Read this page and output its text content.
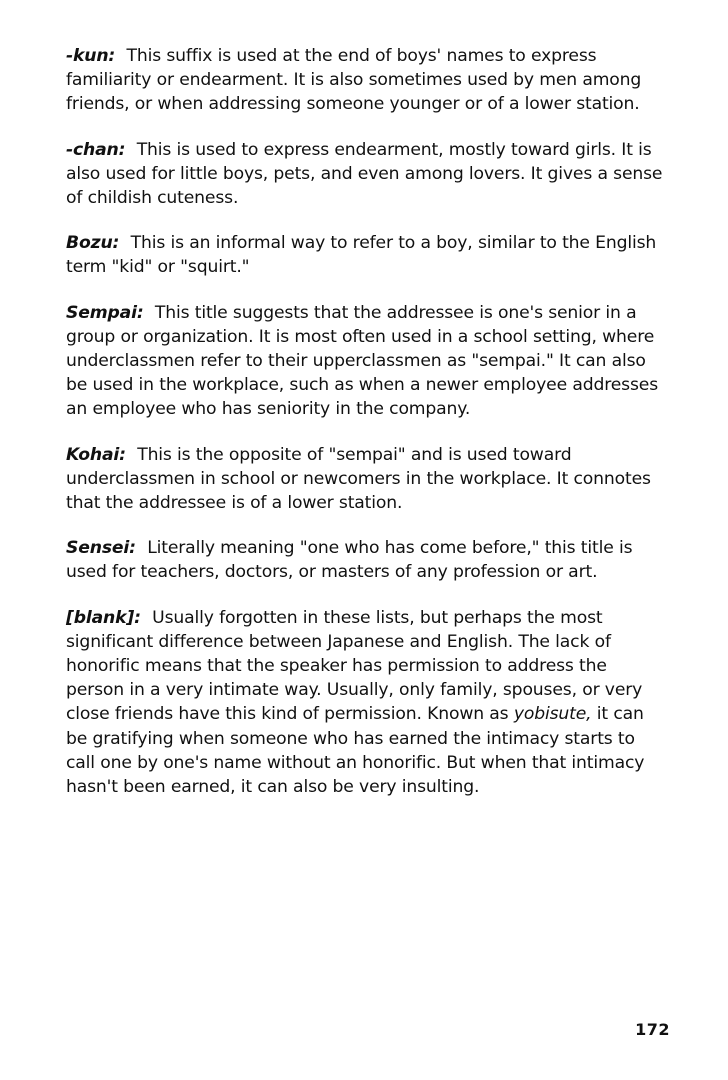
-kun: This suffix is used at the end of boys' names to express familiarity or endearment. It is also sometimes used by men among friends, or when addressing someone younger or of a lower station.

-chan: This is used to express endearment, mostly toward girls. It is also used for little boys, pets, and even among lovers. It gives a sense of childish cuteness.

Bozu: This is an informal way to refer to a boy, similar to the English term "kid" or "squirt."

Sempai: This title suggests that the addressee is one's senior in a group or organization. It is most often used in a school setting, where underclassmen refer to their upperclassmen as "sempai." It can also be used in the workplace, such as when a newer employee addresses an employee who has seniority in the company.

Kohai: This is the opposite of "sempai" and is used toward underclassmen in school or newcomers in the workplace. It connotes that the addressee is of a lower station.

Sensei: Literally meaning "one who has come before," this title is used for teachers, doctors, or masters of any profession or art.

[blank]: Usually forgotten in these lists, but perhaps the most significant difference between Japanese and English. The lack of honorific means that the speaker has permission to address the person in a very intimate way. Usually, only family, spouses, or very close friends have this kind of permission. Known as yobisute, it can be gratifying when someone who has earned the intimacy starts to call one by one's name without an honorific. But when that intimacy hasn't been earned, it can also be very insulting.

172
